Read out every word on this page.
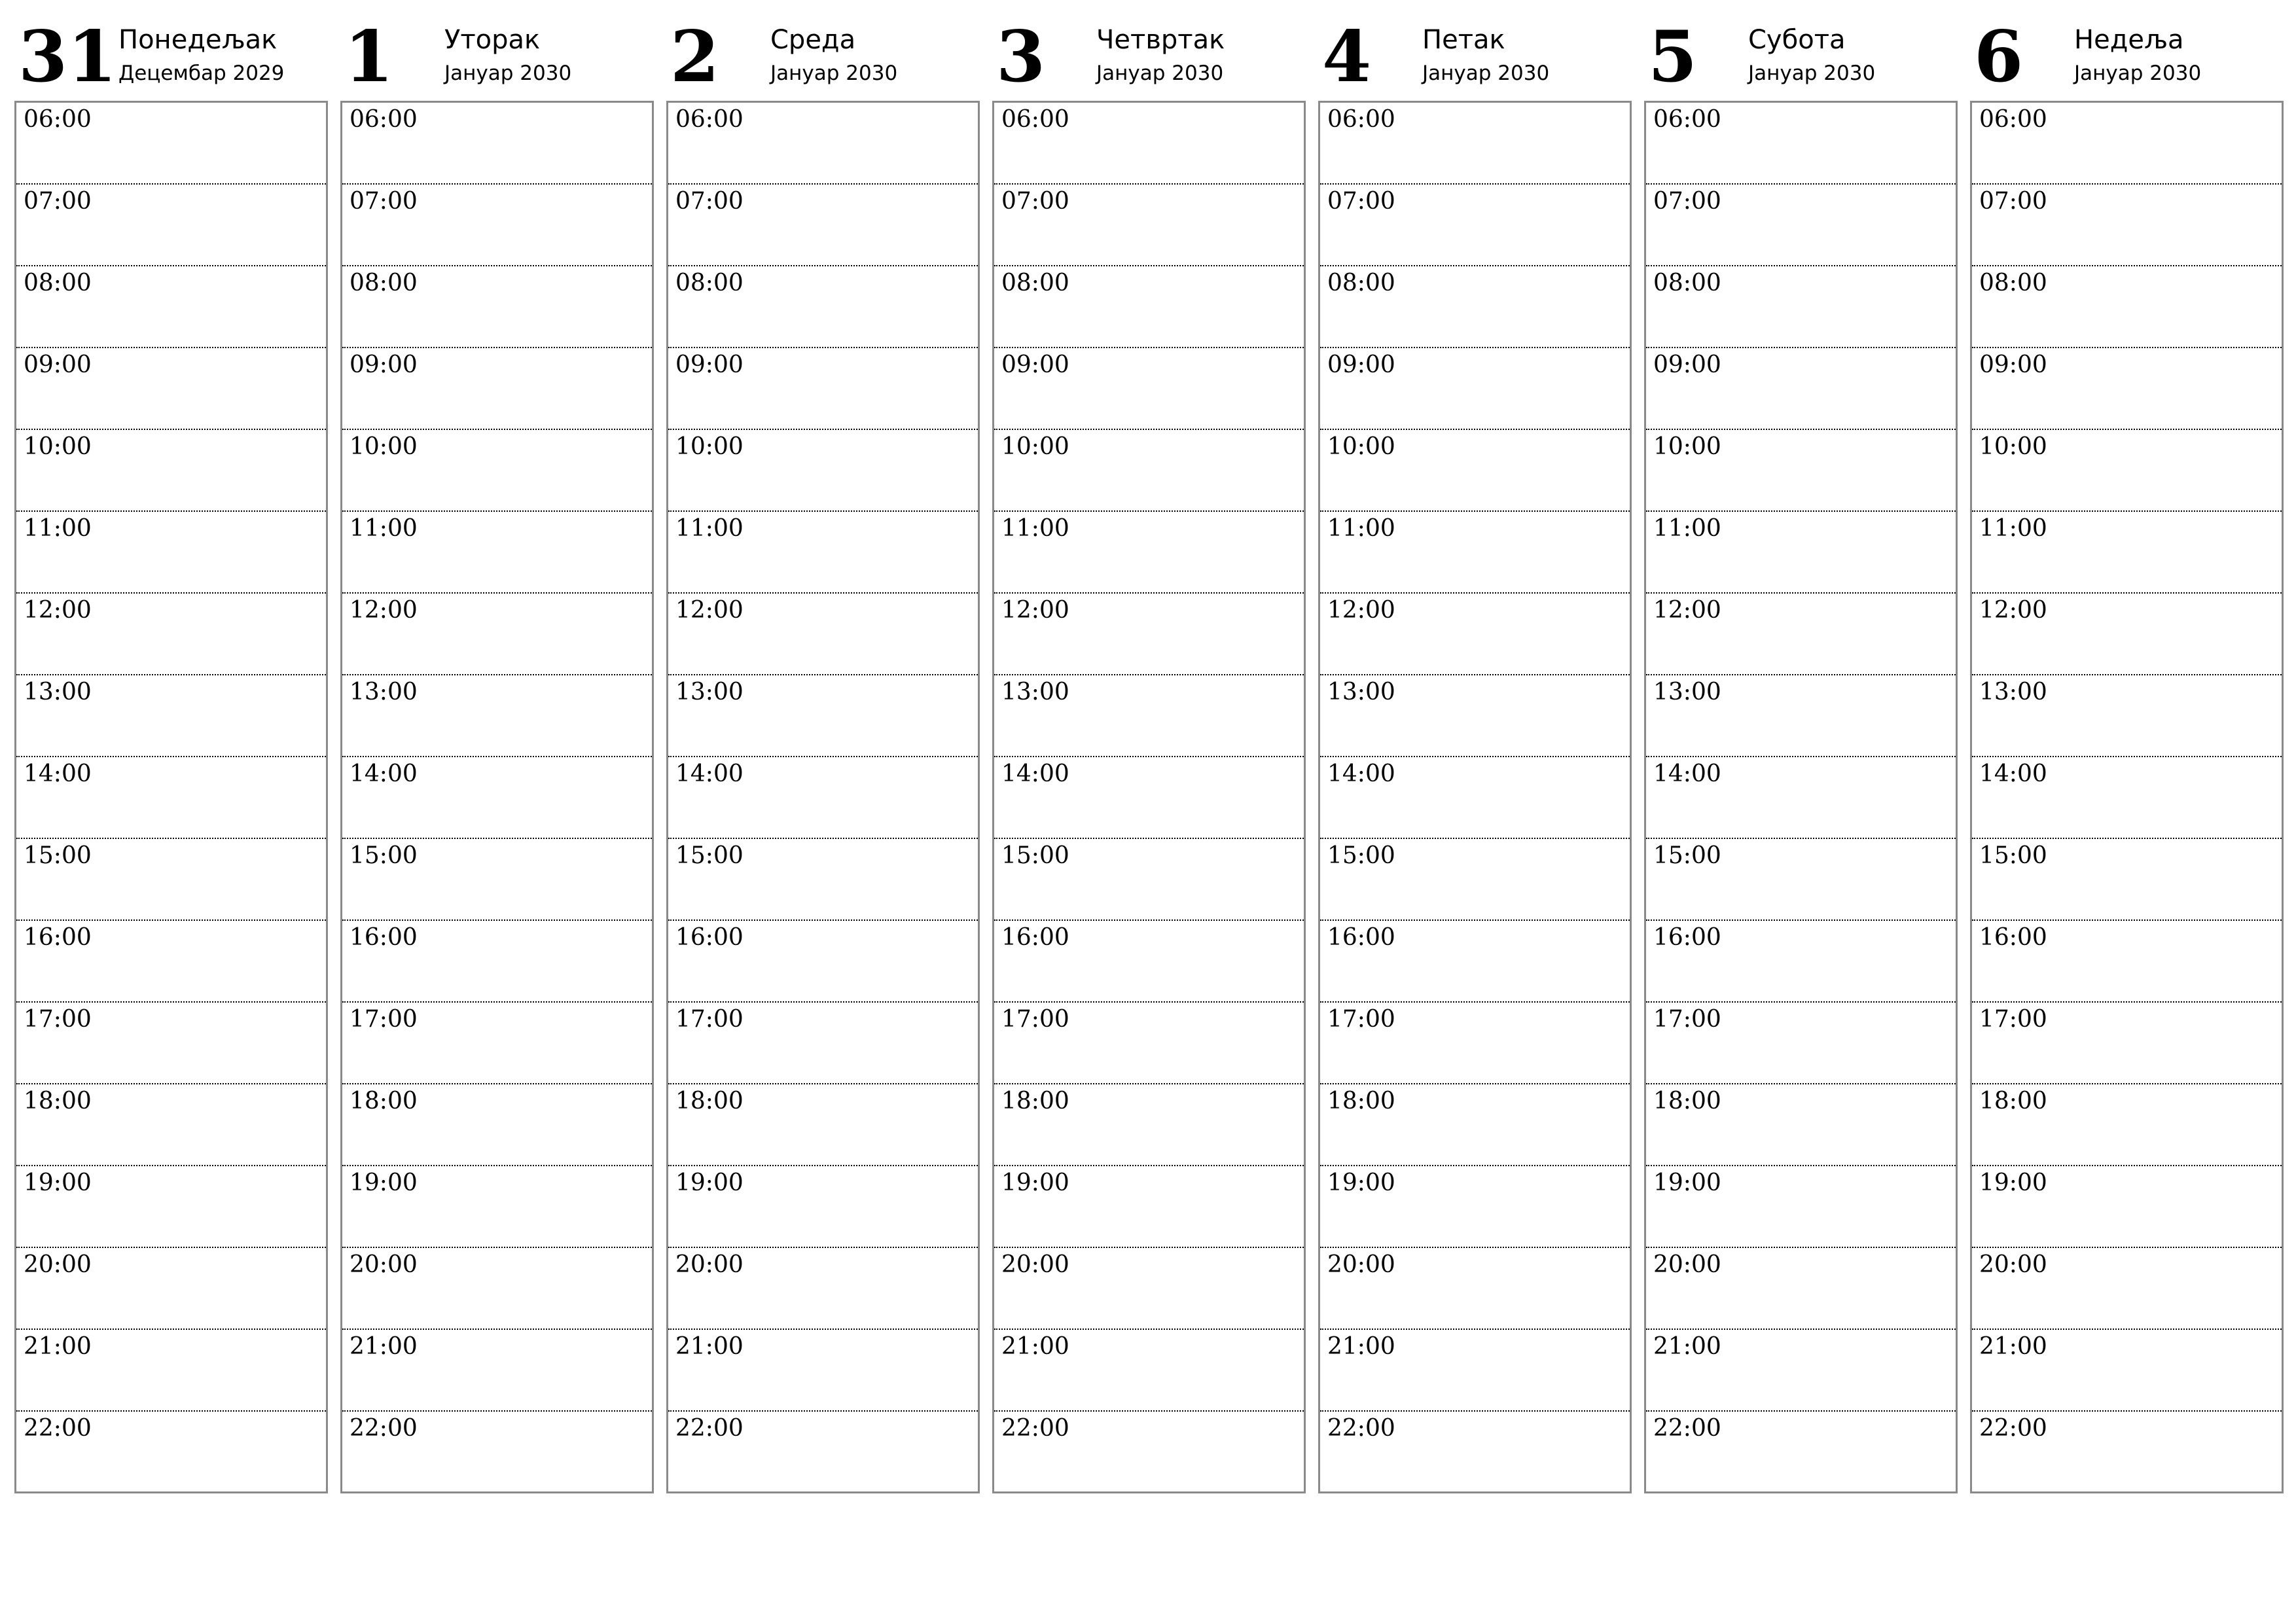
31 Понедељак
Децембар 2029
06:00
07:00
08:00
09:00
10:00
11:00
12:00
13:00
14:00
15:00
16:00
17:00
18:00
19:00
20:00
21:00
22:00
1 Уторак
Јануар 2030
06:00
07:00
08:00
09:00
10:00
11:00
12:00
13:00
14:00
15:00
16:00
17:00
18:00
19:00
20:00
21:00
22:00
2 Среда
Јануар 2030
06:00
07:00
08:00
09:00
10:00
11:00
12:00
13:00
14:00
15:00
16:00
17:00
18:00
19:00
20:00
21:00
22:00
3 Четвртак
Јануар 2030
06:00
07:00
08:00
09:00
10:00
11:00
12:00
13:00
14:00
15:00
16:00
17:00
18:00
19:00
20:00
21:00
22:00
4 Петак
Јануар 2030
06:00
07:00
08:00
09:00
10:00
11:00
12:00
13:00
14:00
15:00
16:00
17:00
18:00
19:00
20:00
21:00
22:00
5 Субота
Јануар 2030
06:00
07:00
08:00
09:00
10:00
11:00
12:00
13:00
14:00
15:00
16:00
17:00
18:00
19:00
20:00
21:00
22:00
6 Недеља
Јануар 2030
06:00
07:00
08:00
09:00
10:00
11:00
12:00
13:00
14:00
15:00
16:00
17:00
18:00
19:00
20:00
21:00
22:00
